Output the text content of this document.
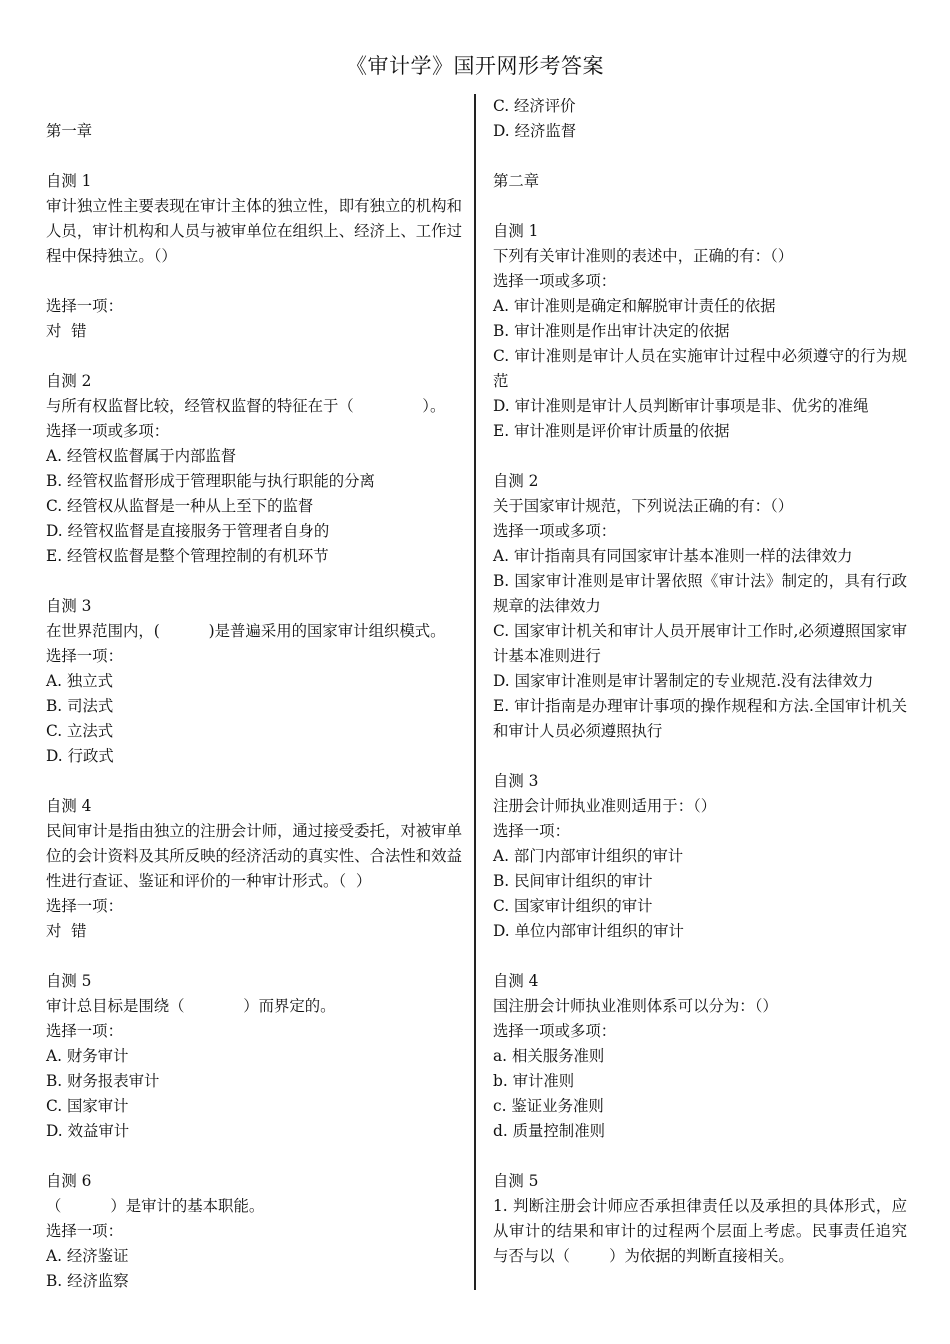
《审计学》国开网形考答案
第一章
自测 1
审计独立性主要表现在审计主体的独立性，即有独立的机构和人员，审计机构和人员与被审单位在组织上、经济上、工作过程中保持独立。（）
选择一项：
对  错
自测 2
与所有权监督比较，经管权监督的特征在于（              ）。
选择一项或多项：
A. 经管权监督属于内部监督
B. 经管权监督形成于管理职能与执行职能的分离
C. 经管权从监督是一种从上至下的监督
D. 经管权监督是直接服务于管理者自身的
E. 经管权监督是整个管理控制的有机环节
自测 3
在世界范围内，(          )是普遍采用的国家审计组织模式。
选择一项：
A. 独立式
B. 司法式
C. 立法式
D. 行政式
自测 4
民间审计是指由独立的注册会计师，通过接受委托，对被审单位的会计资料及其所反映的经济活动的真实性、合法性和效益性进行查证、鉴证和评价的一种审计形式。（  ）
选择一项：
对  错
自测 5
审计总目标是围绕（            ）而界定的。
选择一项：
A. 财务审计
B. 财务报表审计
C. 国家审计
D. 效益审计
自测 6
（          ）是审计的基本职能。
选择一项：
A. 经济鉴证
B. 经济监察
C. 经济评价
D. 经济监督
第二章
自测 1
下列有关审计准则的表述中，正确的有：（）
选择一项或多项：
A. 审计准则是确定和解脱审计责任的依据
B. 审计准则是作出审计决定的依据
C. 审计准则是审计人员在实施审计过程中必须遵守的行为规范
D. 审计准则是审计人员判断审计事项是非、优劣的准绳
E. 审计准则是评价审计质量的依据
自测 2
关于国家审计规范，下列说法正确的有：（）
选择一项或多项：
A. 审计指南具有同国家审计基本准则一样的法律效力
B. 国家审计准则是审计署依照《审计法》制定的，具有行政规章的法律效力
C. 国家审计机关和审计人员开展审计工作时,必须遵照国家审计基本准则进行
D. 国家审计准则是审计署制定的专业规范.没有法律效力
E. 审计指南是办理审计事项的操作规程和方法.全国审计机关和审计人员必须遵照执行
自测 3
注册会计师执业准则适用于：（）
选择一项：
A. 部门内部审计组织的审计
B. 民间审计组织的审计
C. 国家审计组织的审计
D. 单位内部审计组织的审计
自测 4
国注册会计师执业准则体系可以分为：（）
选择一项或多项：
a. 相关服务准则
b. 审计准则
c. 鉴证业务准则
d. 质量控制准则
自测 5
1. 判断注册会计师应否承担律责任以及承担的具体形式，应从审计的结果和审计的过程两个层面上考虑。民事责任追究与否与以（        ）为依据的判断直接相关。
